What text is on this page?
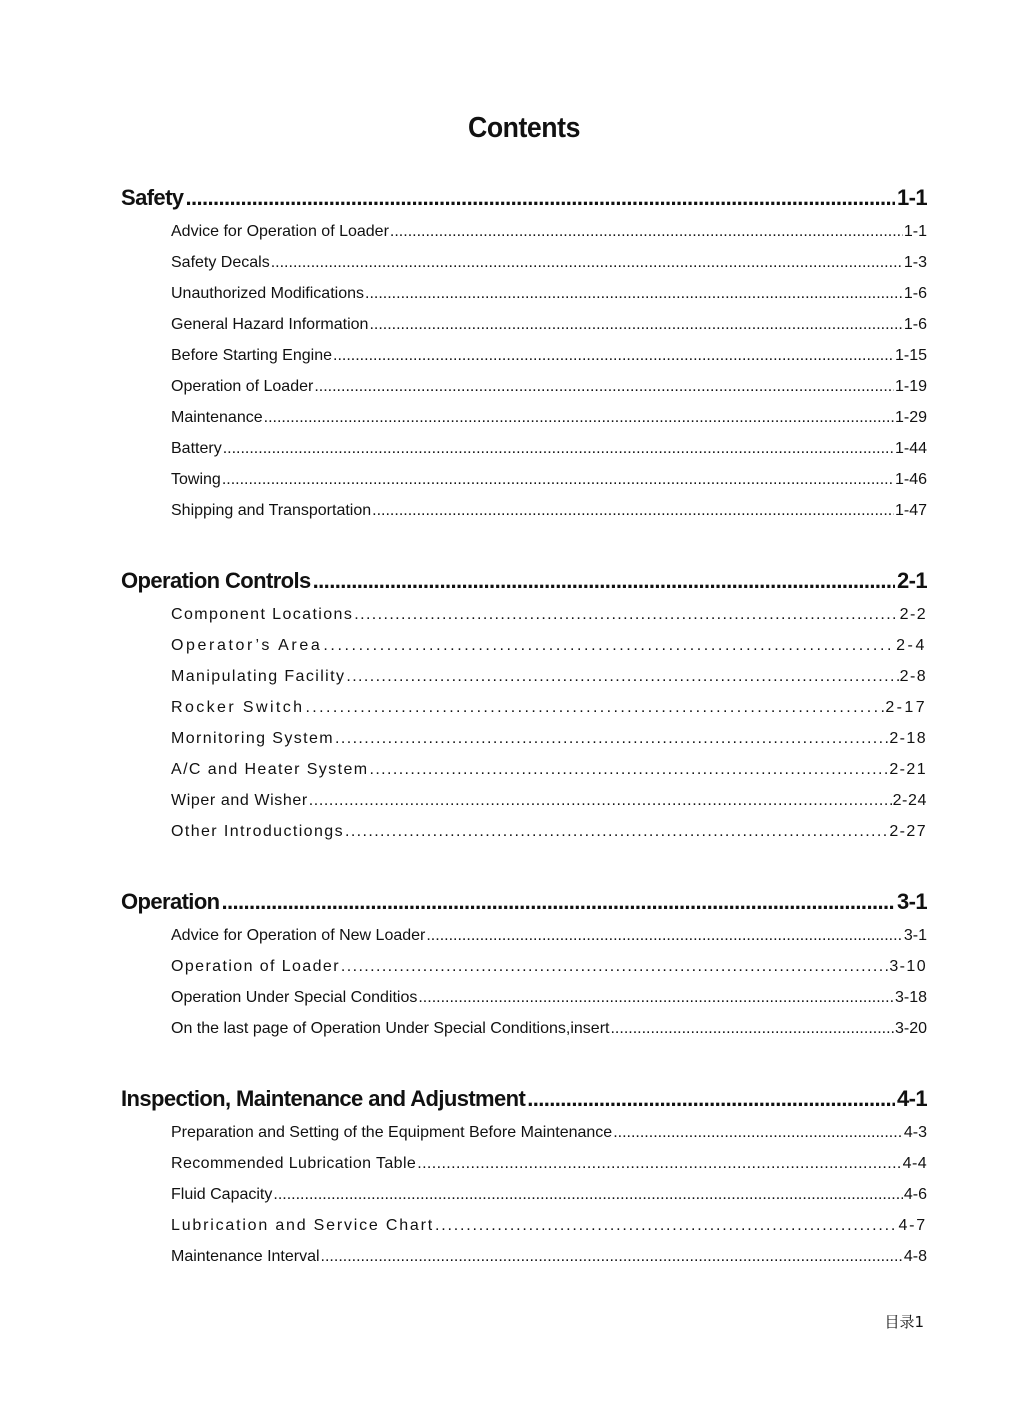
Contents
Safety .....	1-1
Advice for Operation of Loader .....	1-1
Safety Decals .....	1-3
Unauthorized Modifications .....	1-6
General Hazard Information .....	1-6
Before Starting Engine .....	1-15
Operation of Loader .....	1-19
Maintenance .....	1-29
Battery .....	1-44
Towing .....	1-46
Shipping and Transportation .....	1-47
Operation Controls .....	2-1
Component Locations .....	2-2
Operator’s Area .....	2-4
Manipulating Facility .....	2-8
Rocker Switch .....	2-17
Mornitoring System .....	2-18
A/C and Heater System .....	2-21
Wiper and Wisher .....	2-24
Other Introductiongs .....	2-27
Operation .....	3-1
Advice for Operation of New Loader .....	3-1
Operation of Loader .....	3-10
Operation Under Special Conditios .....	3-18
On the last page of Operation Under Special Conditions,insert .....	3-20
Inspection, Maintenance and Adjustment .....	4-1
Preparation and Setting of the Equipment Before Maintenance .....	4-3
Recommended Lubrication Table .....	4-4
Fluid Capacity .....	4-6
Lubrication and Service Chart .....	4-7
Maintenance Interval .....	4-8
目录1
